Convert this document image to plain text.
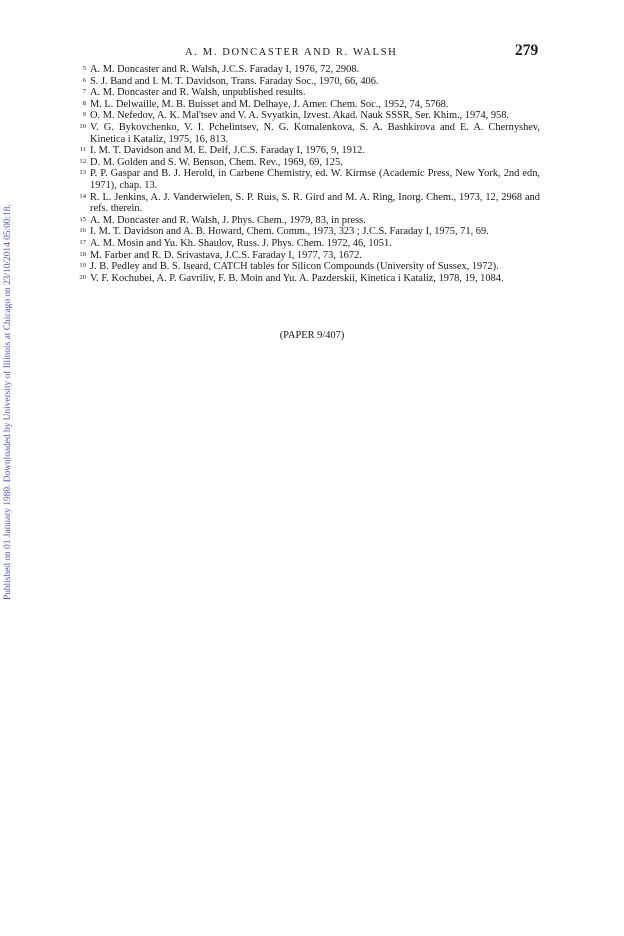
Published on 01 January 1980. Downloaded by University of Illinois at Chicago on 23/10/2014 05:00:18.
A. M. DONCASTER AND R. WALSH	279
5 A. M. Doncaster and R. Walsh, J.C.S. Faraday I, 1976, 72, 2908.
6 S. J. Band and I. M. T. Davidson, Trans. Faraday Soc., 1970, 66, 406.
7 A. M. Doncaster and R. Walsh, unpublished results.
8 M. L. Delwaille, M. B. Buisset and M. Delhaye, J. Amer. Chem. Soc., 1952, 74, 5768.
9 O. M. Nefedov, A. K. Mal'tsev and V. A. Svyatkin, Izvest. Akad. Nauk SSSR, Ser. Khim., 1974, 958.
10 V. G. Bykovchenko, V. I. Pchelintsev, N. G. Komalenkova, S. A. Bashkirova and E. A. Chernyshev, Kinetica i Kataliz, 1975, 16, 813.
11 I. M. T. Davidson and M. E. Delf, J.C.S. Faraday I, 1976, 9, 1912.
12 D. M. Golden and S. W. Benson, Chem. Rev., 1969, 69, 125.
13 P. P. Gaspar and B. J. Herold, in Carbene Chemistry, ed. W. Kirmse (Academic Press, New York, 2nd edn, 1971), chap. 13.
14 R. L. Jenkins, A. J. Vanderwielen, S. P. Ruis, S. R. Gird and M. A. Ring, Inorg. Chem., 1973, 12, 2968 and refs. therein.
15 A. M. Doncaster and R. Walsh, J. Phys. Chem., 1979, 83, in press.
16 I. M. T. Davidson and A. B. Howard, Chem. Comm., 1973, 323 ; J.C.S. Faraday I, 1975, 71, 69.
17 A. M. Mosin and Yu. Kh. Shaulov, Russ. J. Phys. Chem. 1972, 46, 1051.
18 M. Farber and R. D. Srivastava, J.C.S. Faraday I, 1977, 73, 1672.
19 J. B. Pedley and B. S. Iseard, CATCH tables for Silicon Compounds (University of Sussex, 1972).
20 V. F. Kochubei, A. P. Gavriliv, F. B. Moin and Yu. A. Pazderskii, Kinetica i Kataliz, 1978, 19, 1084.
(PAPER 9/407)
